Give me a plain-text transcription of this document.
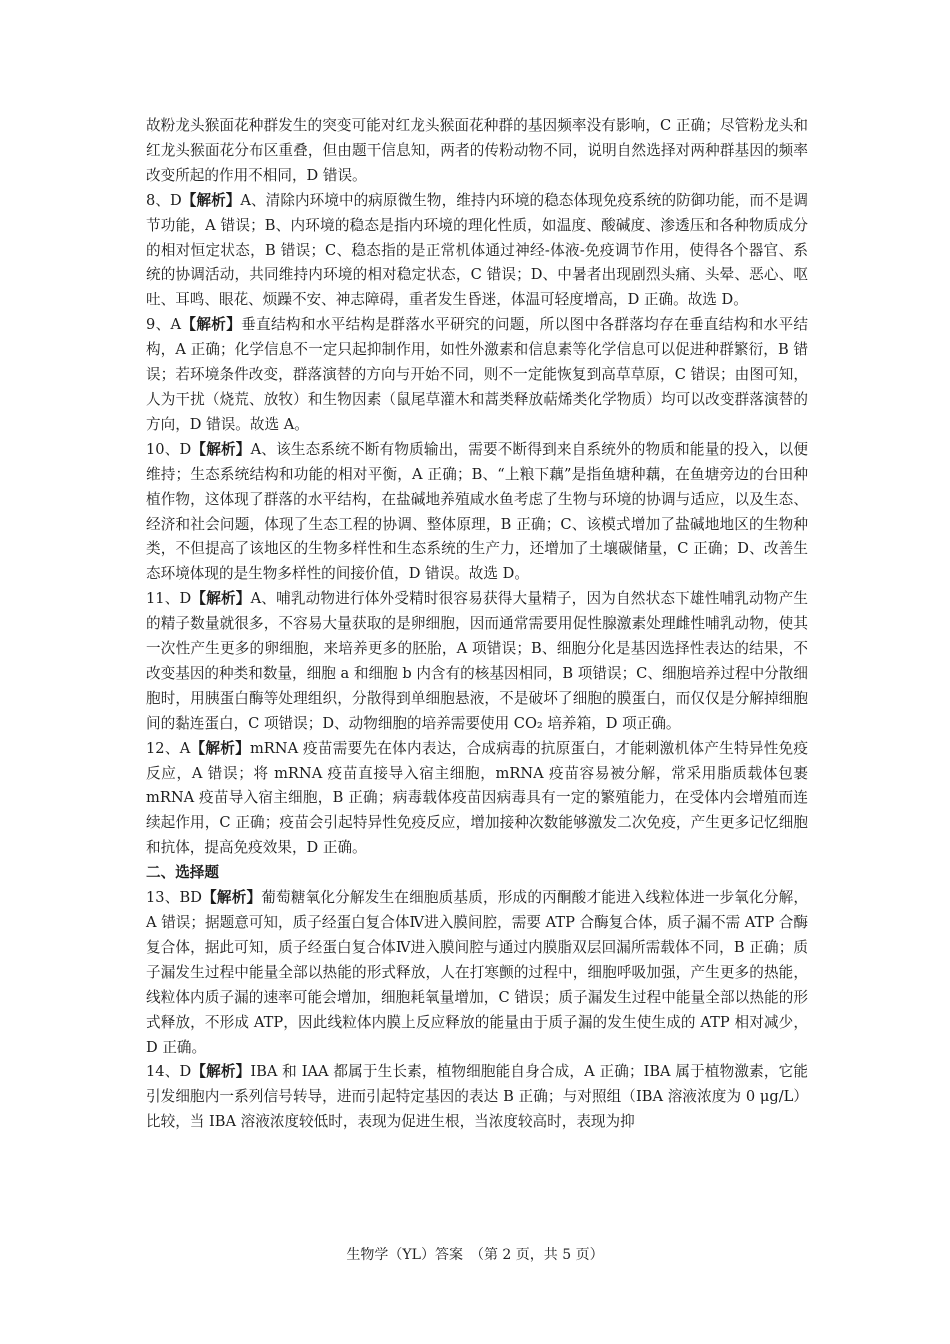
故粉龙头猴面花种群发生的突变可能对红龙头猴面花种群的基因频率没有影响，C 正确；尽管粉龙头和红龙头猴面花分布区重叠，但由题干信息知，两者的传粉动物不同，说明自然选择对两种群基因的频率改变所起的作用不相同，D 错误。

8、D【解析】A、清除内环境中的病原微生物，维持内环境的稳态体现免疫系统的防御功能，而不是调节功能，A 错误；B、内环境的稳态是指内环境的理化性质，如温度、酸碱度、渗透压和各种物质成分的相对恒定状态，B 错误；C、稳态指的是正常机体通过神经-体液-免疫调节作用，使得各个器官、系统的协调活动，共同维持内环境的相对稳定状态，C 错误；D、中暑者出现剧烈头痛、头晕、恶心、呕吐、耳鸣、眼花、烦躁不安、神志障碍，重者发生昏迷，体温可轻度增高，D 正确。故选 D。

9、A【解析】垂直结构和水平结构是群落水平研究的问题，所以图中各群落均存在垂直结构和水平结构，A 正确；化学信息不一定只起抑制作用，如性外激素和信息素等化学信息可以促进种群繁衍，B 错误；若环境条件改变，群落演替的方向与开始不同，则不一定能恢复到高草草原，C 错误；由图可知，人为干扰（烧荒、放牧）和生物因素（鼠尾草灌木和蒿类释放萜烯类化学物质）均可以改变群落演替的方向，D 错误。故选 A。

10、D【解析】A、该生态系统不断有物质输出，需要不断得到来自系统外的物质和能量的投入，以便维持；生态系统结构和功能的相对平衡，A 正确；B、“上粮下藕”是指鱼塘种藕，在鱼塘旁边的台田种植作物，这体现了群落的水平结构，在盐碱地养殖咸水鱼考虑了生物与环境的协调与适应，以及生态、经济和社会问题，体现了生态工程的协调、整体原理，B 正确；C、该模式增加了盐碱地地区的生物种类，不但提高了该地区的生物多样性和生态系统的生产力，还增加了土壤碳储量，C 正确；D、改善生态环境体现的是生物多样性的间接价值，D 错误。故选 D。

11、D【解析】A、哺乳动物进行体外受精时很容易获得大量精子，因为自然状态下雄性哺乳动物产生的精子数量就很多，不容易大量获取的是卵细胞，因而通常需要用促性腺激素处理雌性哺乳动物，使其一次性产生更多的卵细胞，来培养更多的胚胎，A 项错误；B、细胞分化是基因选择性表达的结果，不改变基因的种类和数量，细胞 a 和细胞 b 内含有的核基因相同，B 项错误；C、细胞培养过程中分散细胞时，用胰蛋白酶等处理组织，分散得到单细胞悬液，不是破坏了细胞的膜蛋白，而仅仅是分解掉细胞间的黏连蛋白，C 项错误；D、动物细胞的培养需要使用 CO₂ 培养箱，D 项正确。

12、A【解析】mRNA 疫苗需要先在体内表达，合成病毒的抗原蛋白，才能刺激机体产生特异性免疫反应，A 错误；将 mRNA 疫苗直接导入宿主细胞，mRNA 疫苗容易被分解，常采用脂质载体包裹 mRNA 疫苗导入宿主细胞，B 正确；病毒载体疫苗因病毒具有一定的繁殖能力，在受体内会增殖而连续起作用，C 正确；疫苗会引起特异性免疫反应，增加接种次数能够激发二次免疫，产生更多记忆细胞和抗体，提高免疫效果，D 正确。

二、选择题

13、BD【解析】葡萄糖氧化分解发生在细胞质基质，形成的丙酮酸才能进入线粒体进一步氧化分解，A 错误；据题意可知，质子经蛋白复合体Ⅳ进入膜间腔，需要 ATP 合酶复合体，质子漏不需 ATP 合酶复合体，据此可知，质子经蛋白复合体Ⅳ进入膜间腔与通过内膜脂双层回漏所需载体不同，B 正确；质子漏发生过程中能量全部以热能的形式释放，人在打寒颤的过程中，细胞呼吸加强，产生更多的热能，线粒体内质子漏的速率可能会增加，细胞耗氧量增加，C 错误；质子漏发生过程中能量全部以热能的形式释放，不形成 ATP，因此线粒体内膜上反应释放的能量由于质子漏的发生使生成的 ATP 相对减少，D 正确。

14、D【解析】IBA 和 IAA 都属于生长素，植物细胞能自身合成，A 正确；IBA 属于植物激素，它能引发细胞内一系列信号转导，进而引起特定基因的表达 B 正确；与对照组（IBA 溶液浓度为 0 μg/L）比较，当 IBA 溶液浓度较低时，表现为促进生根，当浓度较高时，表现为抑

生物学（YL）答案　（第 2 页，共 5 页）
